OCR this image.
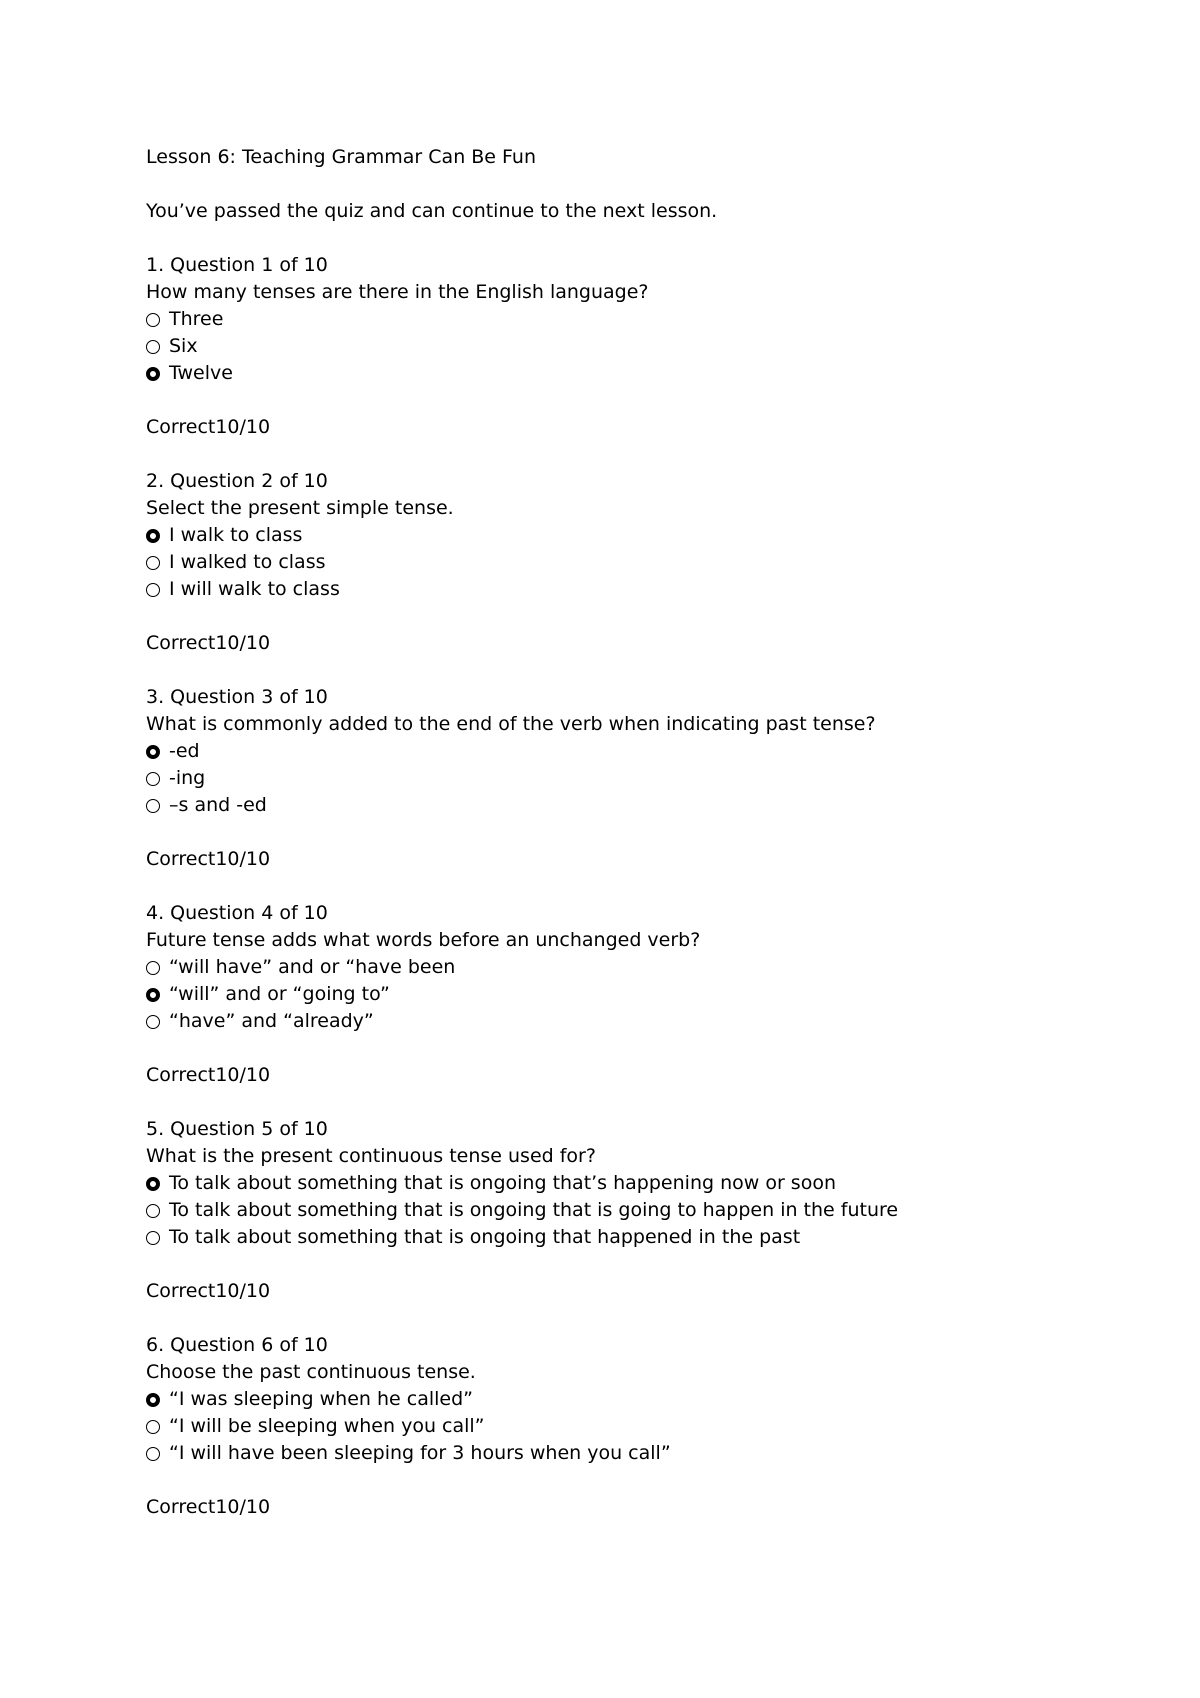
Lesson 6: Teaching Grammar Can Be Fun
You’ve passed the quiz and can continue to the next lesson.
1. Question 1 of 10
How many tenses are there in the English language?
Three
Six
Twelve
Correct10/10
2. Question 2 of 10
Select the present simple tense.
I walk to class
I walked to class
I will walk to class
Correct10/10
3. Question 3 of 10
What is commonly added to the end of the verb when indicating past tense?
-ed
-ing
–s and -ed
Correct10/10
4. Question 4 of 10
Future tense adds what words before an unchanged verb?
“will have” and or “have been
“will” and or “going to”
“have” and “already”
Correct10/10
5. Question 5 of 10
What is the present continuous tense used for?
To talk about something that is ongoing that’s happening now or soon
To talk about something that is ongoing that is going to happen in the future
To talk about something that is ongoing that happened in the past
Correct10/10
6. Question 6 of 10
Choose the past continuous tense.
“I was sleeping when he called”
“I will be sleeping when you call”
“I will have been sleeping for 3 hours when you call”
Correct10/10
